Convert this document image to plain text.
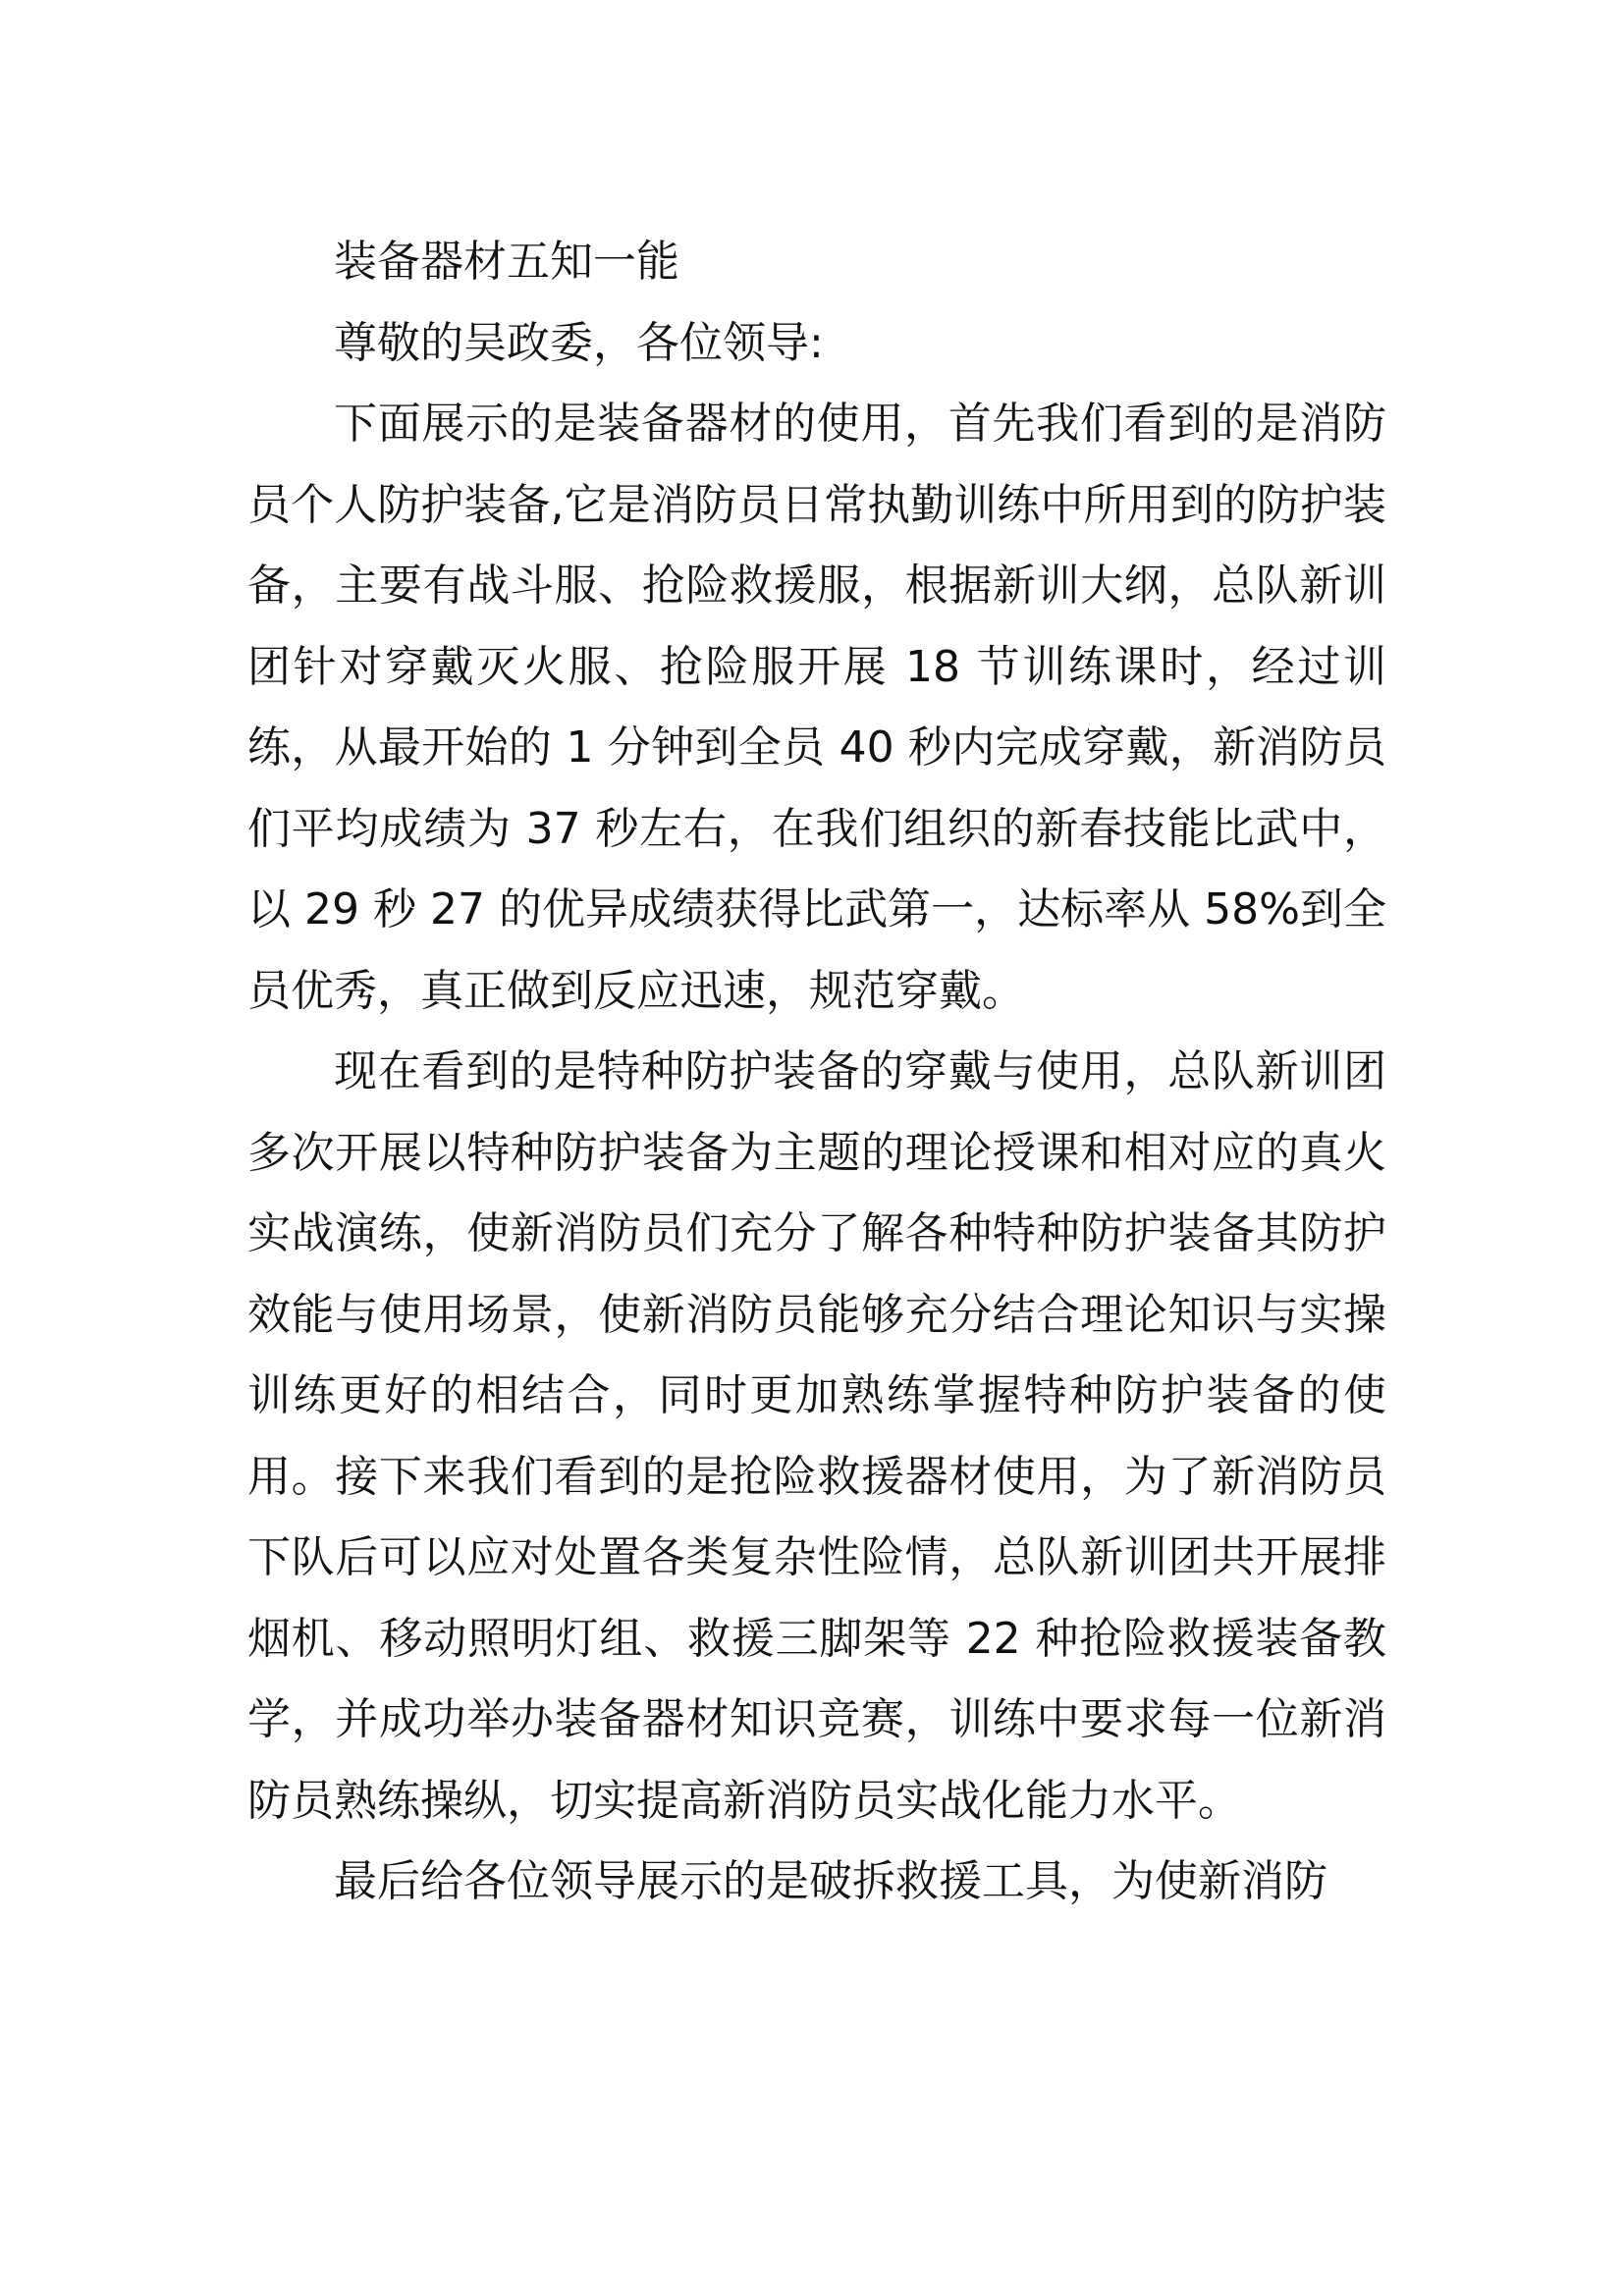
装备器材五知一能

尊敬的吴政委，各位领导:

下面展示的是装备器材的使用，首先我们看到的是消防员个人防护装备,它是消防员日常执勤训练中所用到的防护装备，主要有战斗服、抢险救援服，根据新训大纲，总队新训团针对穿戴灭火服、抢险服开展 18 节训练课时，经过训练，从最开始的 1 分钟到全员 40 秒内完成穿戴，新消防员们平均成绩为 37 秒左右，在我们组织的新春技能比武中，以 29 秒 27 的优异成绩获得比武第一，达标率从 58%到全员优秀，真正做到反应迅速，规范穿戴。

现在看到的是特种防护装备的穿戴与使用，总队新训团多次开展以特种防护装备为主题的理论授课和相对应的真火实战演练，使新消防员们充分了解各种特种防护装备其防护效能与使用场景，使新消防员能够充分结合理论知识与实操训练更好的相结合，同时更加熟练掌握特种防护装备的使用。接下来我们看到的是抢险救援器材使用，为了新消防员下队后可以应对处置各类复杂性险情，总队新训团共开展排烟机、移动照明灯组、救援三脚架等 22 种抢险救援装备教学，并成功举办装备器材知识竞赛，训练中要求每一位新消防员熟练操纵，切实提高新消防员实战化能力水平。

最后给各位领导展示的是破拆救援工具，为使新消防
